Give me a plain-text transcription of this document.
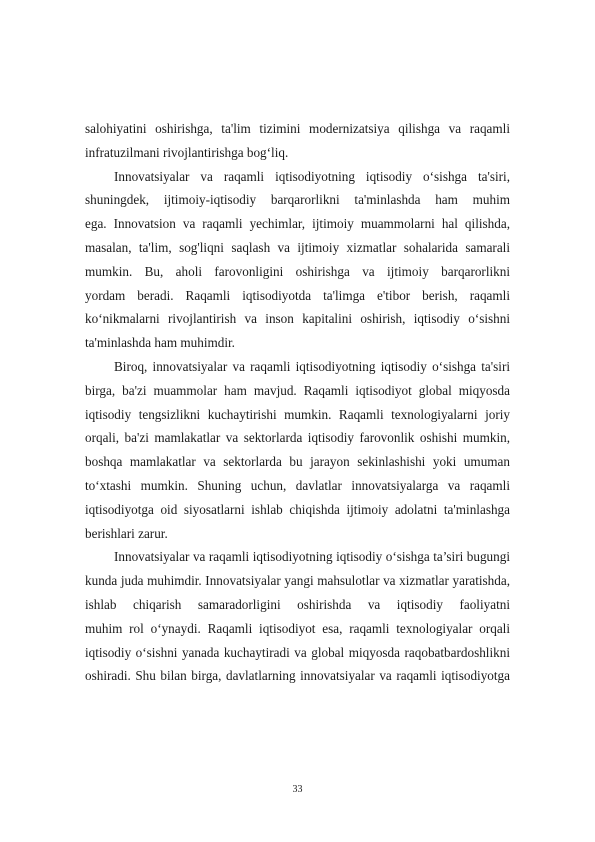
salohiyatini oshirishga, ta'lim tizimini modernizatsiya qilishga va raqamli
infratuzilmani rivojlantirishga bog‘liq.
Innovatsiyalar va raqamli iqtisodiyotning iqtisodiy o‘sishga ta'siri,
shuningdek, ijtimoiy-iqtisodiy barqarorlikni ta'minlashda ham muhim
ega. Innovatsion va raqamli yechimlar, ijtimoiy muammolarni hal qilishda,
masalan, ta'lim, sog'liqni saqlash va ijtimoiy xizmatlar sohalarida samarali
mumkin. Bu, aholi farovonligini oshirishga va ijtimoiy barqarorlikni
yordam beradi. Raqamli iqtisodiyotda ta'limga e'tibor berish, raqamli
ko‘nikmalarni rivojlantirish va inson kapitalini oshirish, iqtisodiy o‘sishni
ta'minlashda ham muhimdir.
Biroq, innovatsiyalar va raqamli iqtisodiyotning iqtisodiy o‘sishga ta'siri
birga, ba'zi muammolar ham mavjud. Raqamli iqtisodiyot global miqyosda
iqtisodiy tengsizlikni kuchaytirishi mumkin. Raqamli texnologiyalarni joriy
orqali, ba'zi mamlakatlar va sektorlarda iqtisodiy farovonlik oshishi mumkin,
boshqa mamlakatlar va sektorlarda bu jarayon sekinlashishi yoki umuman
to‘xtashi mumkin. Shuning uchun, davlatlar innovatsiyalarga va raqamli
iqtisodiyotga oid siyosatlarni ishlab chiqishda ijtimoiy adolatni ta'minlashga
berishlari zarur.
Innovatsiyalar va raqamli iqtisodiyotning iqtisodiy o‘sishga ta’siri bugungi
kunda juda muhimdir. Innovatsiyalar yangi mahsulotlar va xizmatlar yaratishda,
ishlab chiqarish samaradorligini oshirishda va iqtisodiy faoliyatni
muhim rol o‘ynaydi. Raqamli iqtisodiyot esa, raqamli texnologiyalar orqali
iqtisodiy o‘sishni yanada kuchaytiradi va global miqyosda raqobatbardoshlikni
oshiradi. Shu bilan birga, davlatlarning innovatsiyalar va raqamli iqtisodiyotga
33
